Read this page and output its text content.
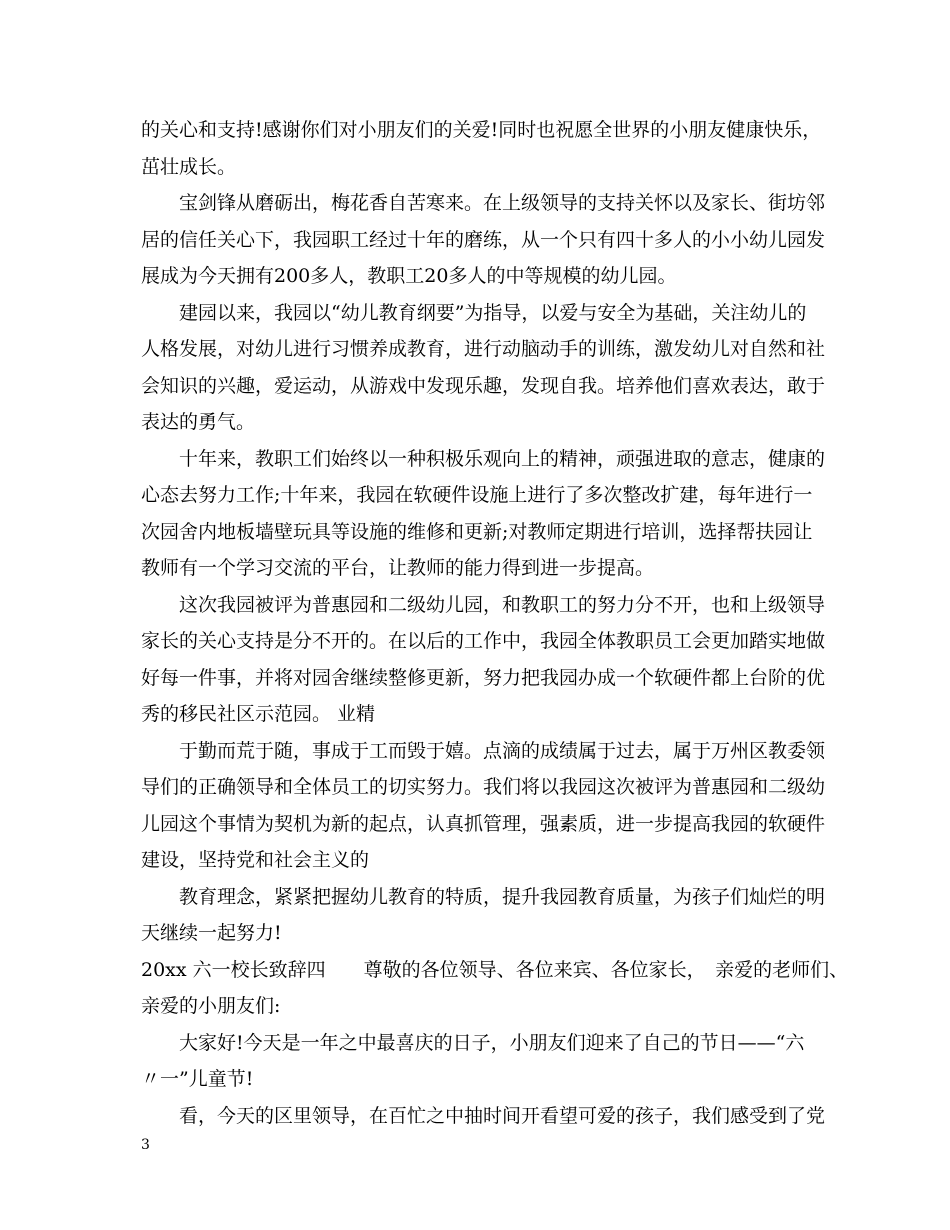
的关心和支持!感谢你们对小朋友们的关爱!同时也祝愿全世界的小朋友健康快乐，
茁壮成长。
宝剑锋从磨砺出，梅花香自苦寒来。在上级领导的支持关怀以及家长、街坊邻
居的信任关心下，我园职工经过十年的磨练，从一个只有四十多人的小小幼儿园发
展成为今天拥有200多人，教职工20多人的中等规模的幼儿园。
建园以来，我园以“幼儿教育纲要”为指导，以爱与安全为基础，关注幼儿的
人格发展，对幼儿进行习惯养成教育，进行动脑动手的训练，激发幼儿对自然和社
会知识的兴趣，爱运动，从游戏中发现乐趣，发现自我。培养他们喜欢表达，敢于
表达的勇气。
十年来，教职工们始终以一种积极乐观向上的精神，顽强进取的意志，健康的
心态去努力工作;十年来，我园在软硬件设施上进行了多次整改扩建，每年进行一
次园舍内地板墙壁玩具等设施的维修和更新;对教师定期进行培训，选择帮扶园让
教师有一个学习交流的平台，让教师的能力得到进一步提高。
这次我园被评为普惠园和二级幼儿园，和教职工的努力分不开，也和上级领导
家长的关心支持是分不开的。在以后的工作中，我园全体教职员工会更加踏实地做
好每一件事，并将对园舍继续整修更新，努力把我园办成一个软硬件都上台阶的优
秀的移民社区示范园。 业精
于勤而荒于随，事成于工而毁于嬉。点滴的成绩属于过去，属于万州区教委领
导们的正确领导和全体员工的切实努力。我们将以我园这次被评为普惠园和二级幼
儿园这个事情为契机为新的起点，认真抓管理，强素质，进一步提高我园的软硬件
建设，坚持党和社会主义的
教育理念，紧紧把握幼儿教育的特质，提升我园教育质量，为孩子们灿烂的明
天继续一起努力!
20xx 六一校长致辞四　　尊敬的各位领导、各位来宾、各位家长，　亲爱的老师们、
亲爱的小朋友们:
大家好!今天是一年之中最喜庆的日子，小朋友们迎来了自己的节日——“六
〃一”儿童节!
看，今天的区里领导，在百忙之中抽时间开看望可爱的孩子，我们感受到了党
3
